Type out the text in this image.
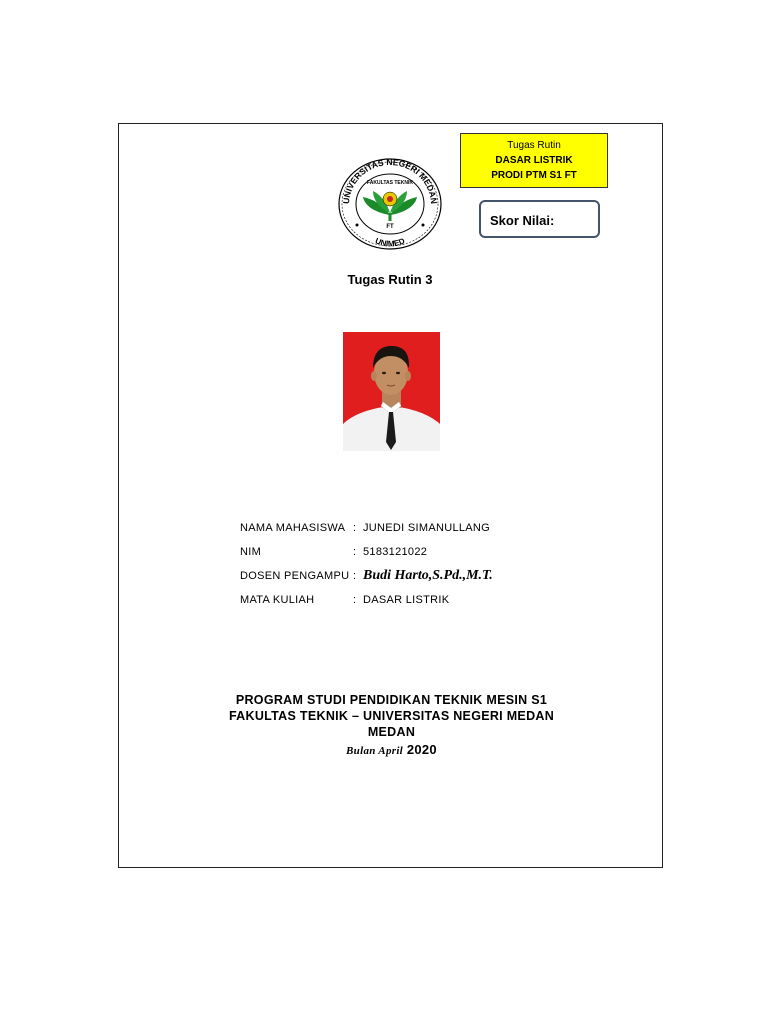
Tugas Rutin
DASAR LISTRIK
PRODI PTM S1 FT
Skor Nilai:
UNIVERSITAS NEGERI MEDAN
UNIMED
FAKULTAS TEKNIK
FT
Tugas Rutin 3
NAMA MAHASISWA : JUNEDI SIMANULLANG
NIM	: 5183121022
DOSEN PENGAMPU : Budi Harto,S.Pd.,M.T.
MATA KULIAH	: DASAR LISTRIK
PROGRAM STUDI PENDIDIKAN TEKNIK MESIN S1
FAKULTAS TEKNIK – UNIVERSITAS NEGERI MEDAN
MEDAN
Bulan April 2020
